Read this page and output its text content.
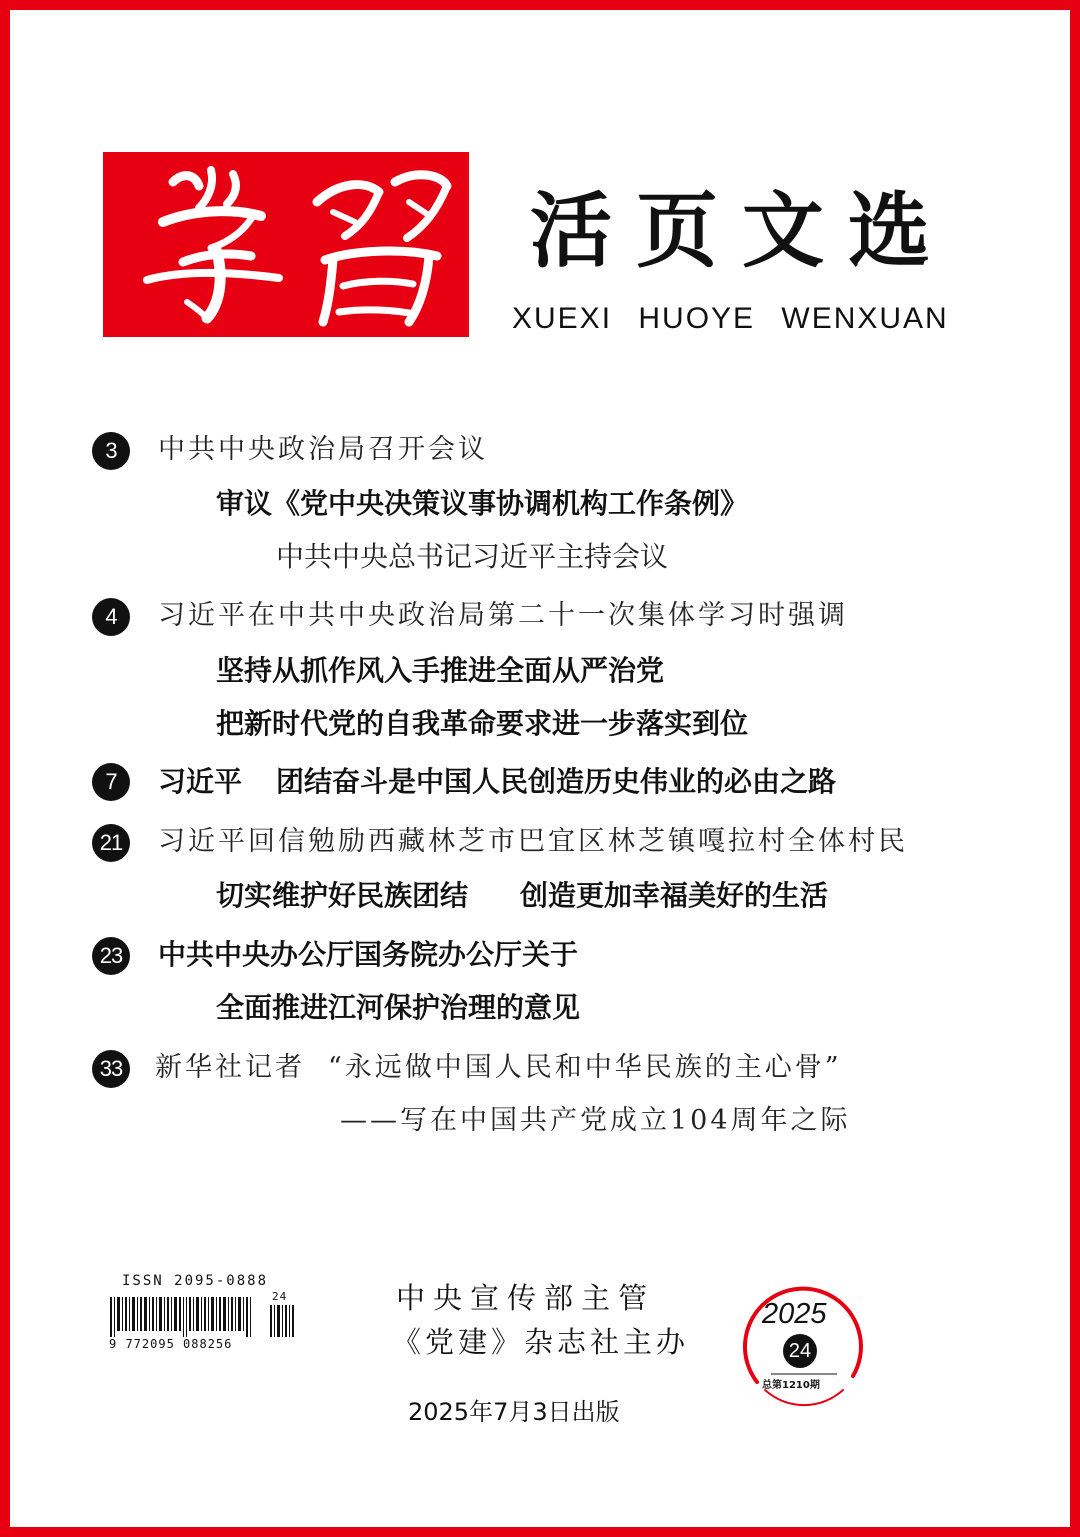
活页文选
XUEXI HUOYE WENXUAN
3	中共中央政治局召开会议
审议《党中央决策议事协调机构工作条例》
中共中央总书记习近平主持会议
4	习近平在中共中央政治局第二十一次集体学习时强调
坚持从抓作风入手推进全面从严治党
把新时代党的自我革命要求进一步落实到位
7	习近平 团结奋斗是中国人民创造历史伟业的必由之路
21 习近平回信勉励西藏林芝市巴宜区林芝镇嘎拉村全体村民
切实维护好民族团结 创造更加幸福美好的生活
23 中共中央办公厅国务院办公厅关于
全面推进江河保护治理的意见
33 新华社记者 “永远做中国人民和中华民族的主心骨”
——写在中国共产党成立104周年之际
ISSN 2095-0888
9 772095 088256
24	中央宣传部主管
《党建》杂志社主办
2025年7月3日出版
2025
24
总第1210期
